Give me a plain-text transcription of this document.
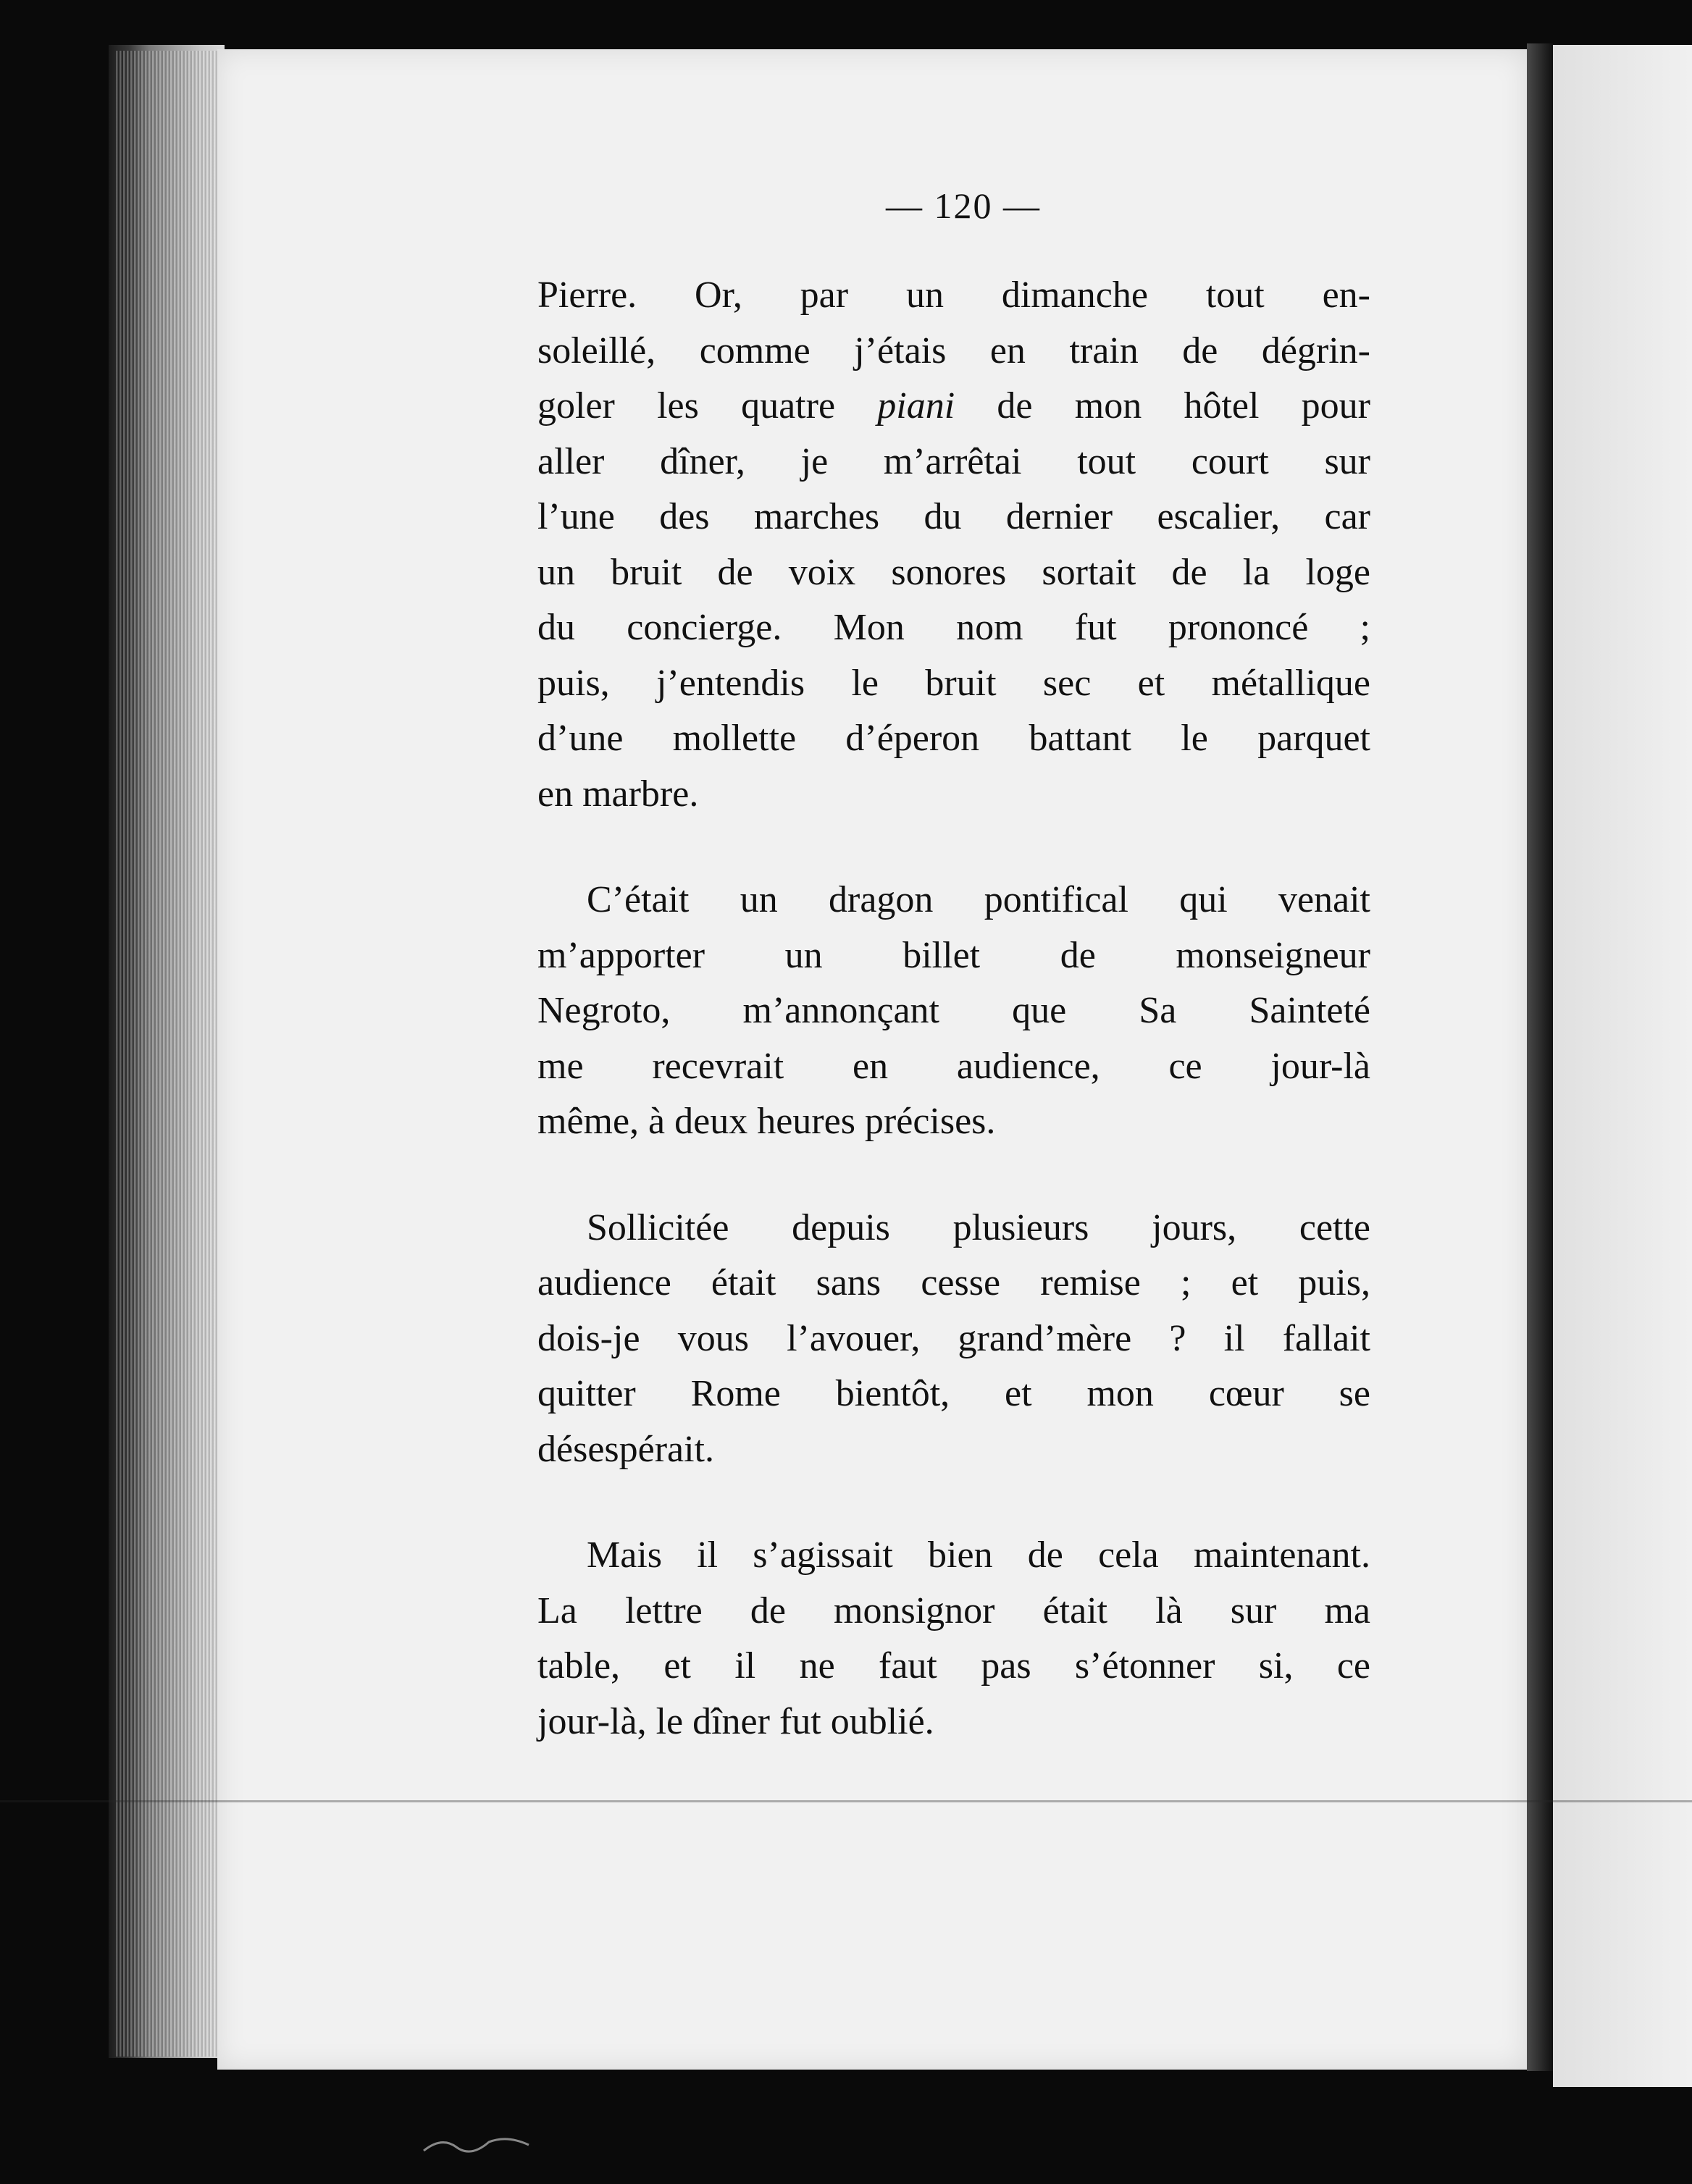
— 120 —
Pierre. Or, par un dimanche tout en-
soleillé, comme j’étais en train de dégrin-
goler les quatre piani de mon hôtel pour
aller dîner, je m’arrêtai tout court sur
l’une des marches du dernier escalier, car
un bruit de voix sonores sortait de la loge
du concierge. Mon nom fut prononcé ;
puis, j’entendis le bruit sec et métallique
d’une mollette d’éperon battant le parquet
en marbre.
C’était un dragon pontifical qui venait
m’apporter un billet de monseigneur
Negroto, m’annonçant que Sa Sainteté
me recevrait en audience, ce jour-là
même, à deux heures précises.
Sollicitée depuis plusieurs jours, cette
audience était sans cesse remise ; et puis,
dois-je vous l’avouer, grand’mère ? il fallait
quitter Rome bientôt, et mon cœur se
désespérait.
Mais il s’agissait bien de cela maintenant.
La lettre de monsignor était là sur ma
table, et il ne faut pas s’étonner si, ce
jour-là, le dîner fut oublié.
